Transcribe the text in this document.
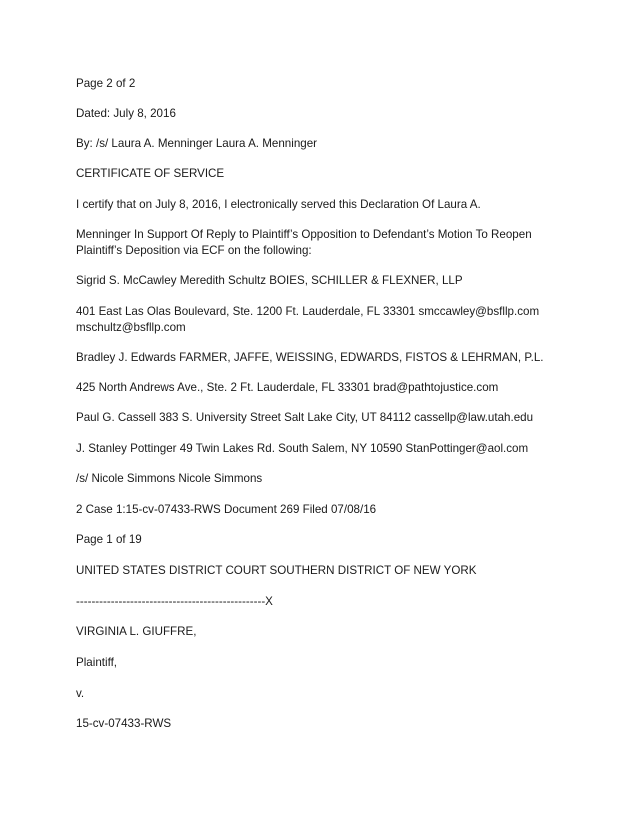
Page 2 of 2
Dated: July 8, 2016
By: /s/ Laura A. Menninger Laura A. Menninger
CERTIFICATE OF SERVICE
I certify that on July 8, 2016, I electronically served this Declaration Of Laura A.
Menninger In Support Of Reply to Plaintiff’s Opposition to Defendant’s Motion To Reopen Plaintiff’s Deposition via ECF on the following:
Sigrid S. McCawley Meredith Schultz BOIES, SCHILLER & FLEXNER, LLP
401 East Las Olas Boulevard, Ste. 1200 Ft. Lauderdale, FL 33301 smccawley@bsfllp.com mschultz@bsfllp.com
Bradley J. Edwards FARMER, JAFFE, WEISSING, EDWARDS, FISTOS & LEHRMAN, P.L.
425 North Andrews Ave., Ste. 2 Ft. Lauderdale, FL 33301 brad@pathtojustice.com
Paul G. Cassell 383 S. University Street Salt Lake City, UT 84112 cassellp@law.utah.edu
J. Stanley Pottinger 49 Twin Lakes Rd. South Salem, NY 10590 StanPottinger@aol.com
/s/ Nicole Simmons Nicole Simmons
2 Case 1:15-cv-07433-RWS Document 269 Filed 07/08/16
Page 1 of 19
UNITED STATES DISTRICT COURT SOUTHERN DISTRICT OF NEW YORK
-------------------------------------------------X
VIRGINIA L. GIUFFRE,
Plaintiff,
v.
15-cv-07433-RWS
